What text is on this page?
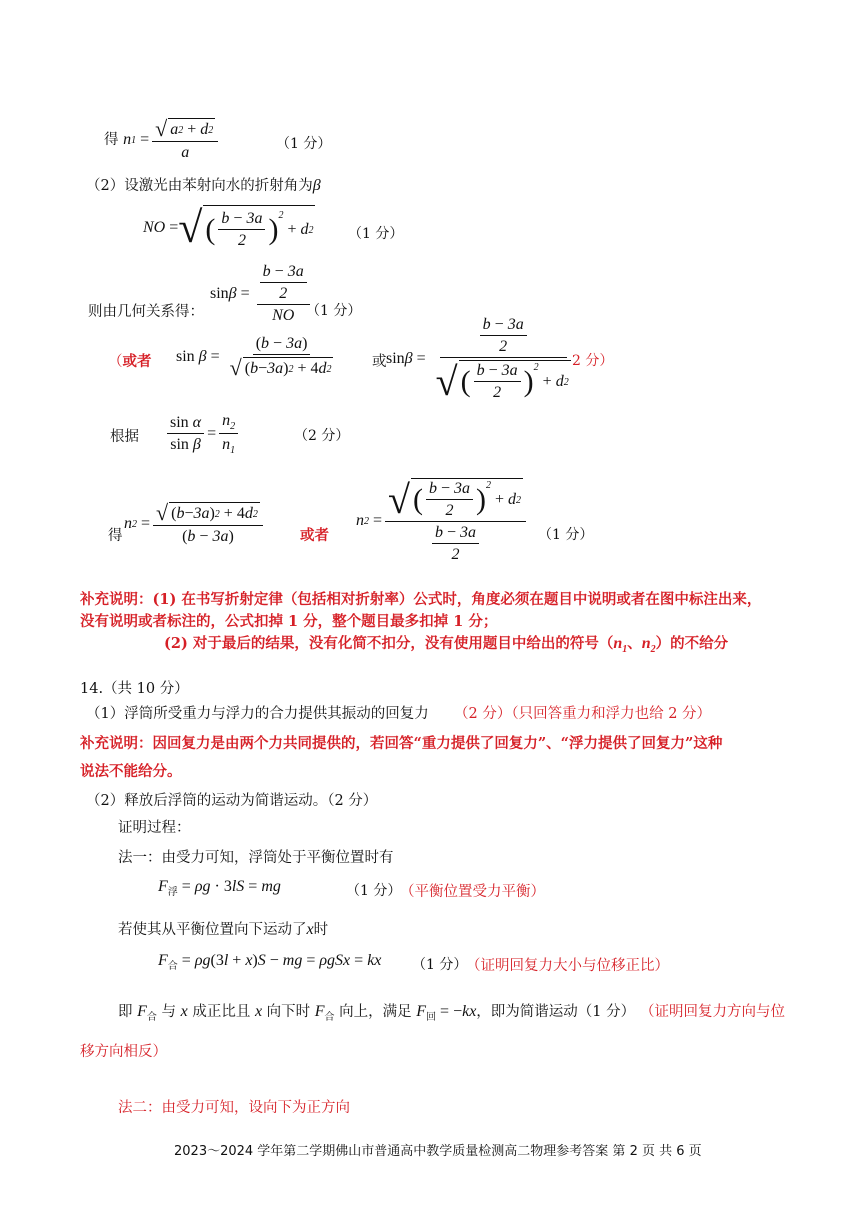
得 n 1
= √ a 2
+ d 2
a	（1 分）
（2）设激光由苯射向水的折射角为β
NO = √ ( $\frac{b - 3a}{2} )^2$

+ d 2 （1 分）
则由几何关系得：
$\sin \beta = \frac{\frac{b - 3a}{2}}{NO}$
（1 分）
（或者 sin β = (b − 3a)
√ ( b − 3a ) 2
+ 4 d 2 或 $\sin \beta = \frac{b - 3a}{2}$
√ ( $\frac{b - 3a}{2} )^2$

+ d 2
2 分）
根据 $\frac{\text{sin α}}{\text{sin β}} = \frac{n_2}{n_1}$	（2 分）
得
n 2
= √ ( b − 3a ) 2
+ 4 d 2
(b − 3a)	或者
n 2
= √ ( $\frac{b - 3a}{2} )^2$

+ d 2
$\frac{b - 3a}{2} (1$ 分）
补充说明：(1) 在书写折射定律（包括相对折射率）公式时，角度必须在题目中说明或者在图中标注出来，
没有说明或者标注的，公式扣掉 1 分，整个题目最多扣掉 1 分；
(2) 对于最后的结果，没有化简不扣分，没有使用题目中给出的符号（$n_1$、$n_2$）的不给分
14.（共 10 分）
（1）浮筒所受重力与浮力的合力提供其振动的回复力 （2 分）（只回答重力和浮力也给 2 分）
补充说明：因回复力是由两个力共同提供的，若回答“重力提供了回复力”、“浮力提供了回复力”这种
说法不能给分。
（2）释放后浮筒的运动为简谐运动。（2 分）
证明过程：
法一：由受力可知，浮筒处于平衡位置时有
$F_浮 = \rho g \cdot 3lS$ = mg	（1 分）
（平衡位置受力平衡）
若使其从平衡位置向下运动了x时
$F_合 = \rho g(3l + x)S$ − mg = ρgSx = kx （1 分）
（证明回复力大小与位移正比）
即 $F_合$ 与 x 成正比且 x 向下时 $F_合$ 向上，满足 $F_回 = -kx$，即为简谐运动（1 分） （证明回复力方向与位
移方向相反）
法二：由受力可知，设向下为正方向
2023～2024 学年第二学期佛山市普通高中教学质量检测高二物理参考答案 第 2 页 共 6 页
